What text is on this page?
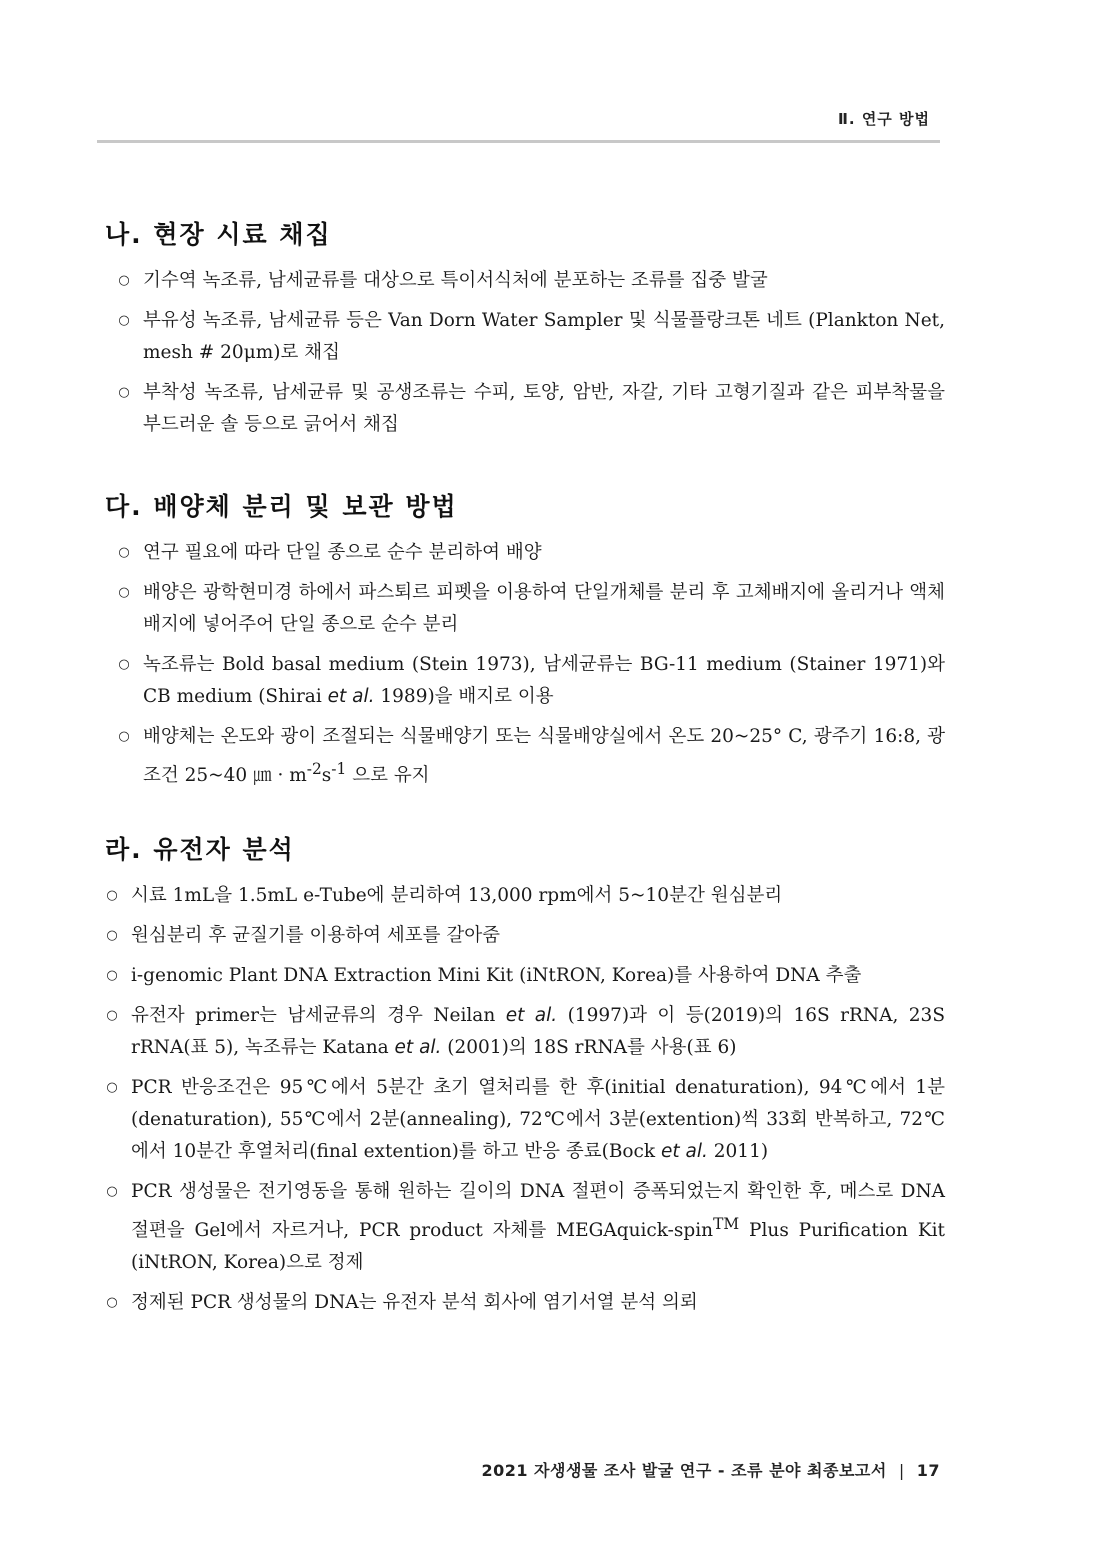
Ⅱ. 연구 방법
나. 현장 시료 채집
○ 기수역 녹조류, 남세균류를 대상으로 특이서식처에 분포하는 조류를 집중 발굴
○ 부유성 녹조류, 남세균류 등은 Van Dorn Water Sampler 및 식물플랑크톤 네트 (Plankton Net, mesh # 20μm)로 채집
○ 부착성 녹조류, 남세균류 및 공생조류는 수피, 토양, 암반, 자갈, 기타 고형기질과 같은 피부착물을 부드러운 솔 등으로 긁어서 채집
다. 배양체 분리 및 보관 방법
○ 연구 필요에 따라 단일 종으로 순수 분리하여 배양
○ 배양은 광학현미경 하에서 파스퇴르 피펫을 이용하여 단일개체를 분리 후 고체배지에 올리거나 액체배지에 넣어주어 단일 종으로 순수 분리
○ 녹조류는 Bold basal medium (Stein 1973), 남세균류는 BG-11 medium (Stainer 1971)와 CB medium (Shirai et al. 1989)을 배지로 이용
○ 배양체는 온도와 광이 조절되는 식물배양기 또는 식물배양실에서 온도 20~25° C, 광주기 16:8, 광조건 25~40 ㎛ · $m^{-2}s^{-1}$ 으로 유지
라. 유전자 분석
○ 시료 1mL을 1.5mL e-Tube에 분리하여 13,000 rpm에서 5~10분간 원심분리
○ 원심분리 후 균질기를 이용하여 세포를 갈아줌
○ i-genomic Plant DNA Extraction Mini Kit (iNtRON, Korea)를 사용하여 DNA 추출
○ 유전자 primer는 남세균류의 경우 Neilan et al. (1997)과 이 등(2019)의 16S rRNA, 23S rRNA(표 5), 녹조류는 Katana et al. (2001)의 18S rRNA를 사용(표 6)
○ PCR 반응조건은 95℃에서 5분간 초기 열처리를 한 후(initial denaturation), 94℃에서 1분(denaturation), 55℃에서 2분(annealing), 72℃에서 3분(extention)씩 33회 반복하고, 72℃에서 10분간 후열처리(final extention)를 하고 반응 종료(Bock et al. 2011)
○ PCR 생성물은 전기영동을 통해 원하는 길이의 DNA 절편이 증폭되었는지 확인한 후, 메스로 DNA 절편을 Gel에서 자르거나, PCR product 자체를 MEGAquick-spin™ Plus Purification Kit (iNtRON, Korea)으로 정제
○ 정제된 PCR 생성물의 DNA는 유전자 분석 회사에 염기서열 분석 의뢰
2021 자생생물 조사 발굴 연구 - 조류 분야 최종보고서 | 17
